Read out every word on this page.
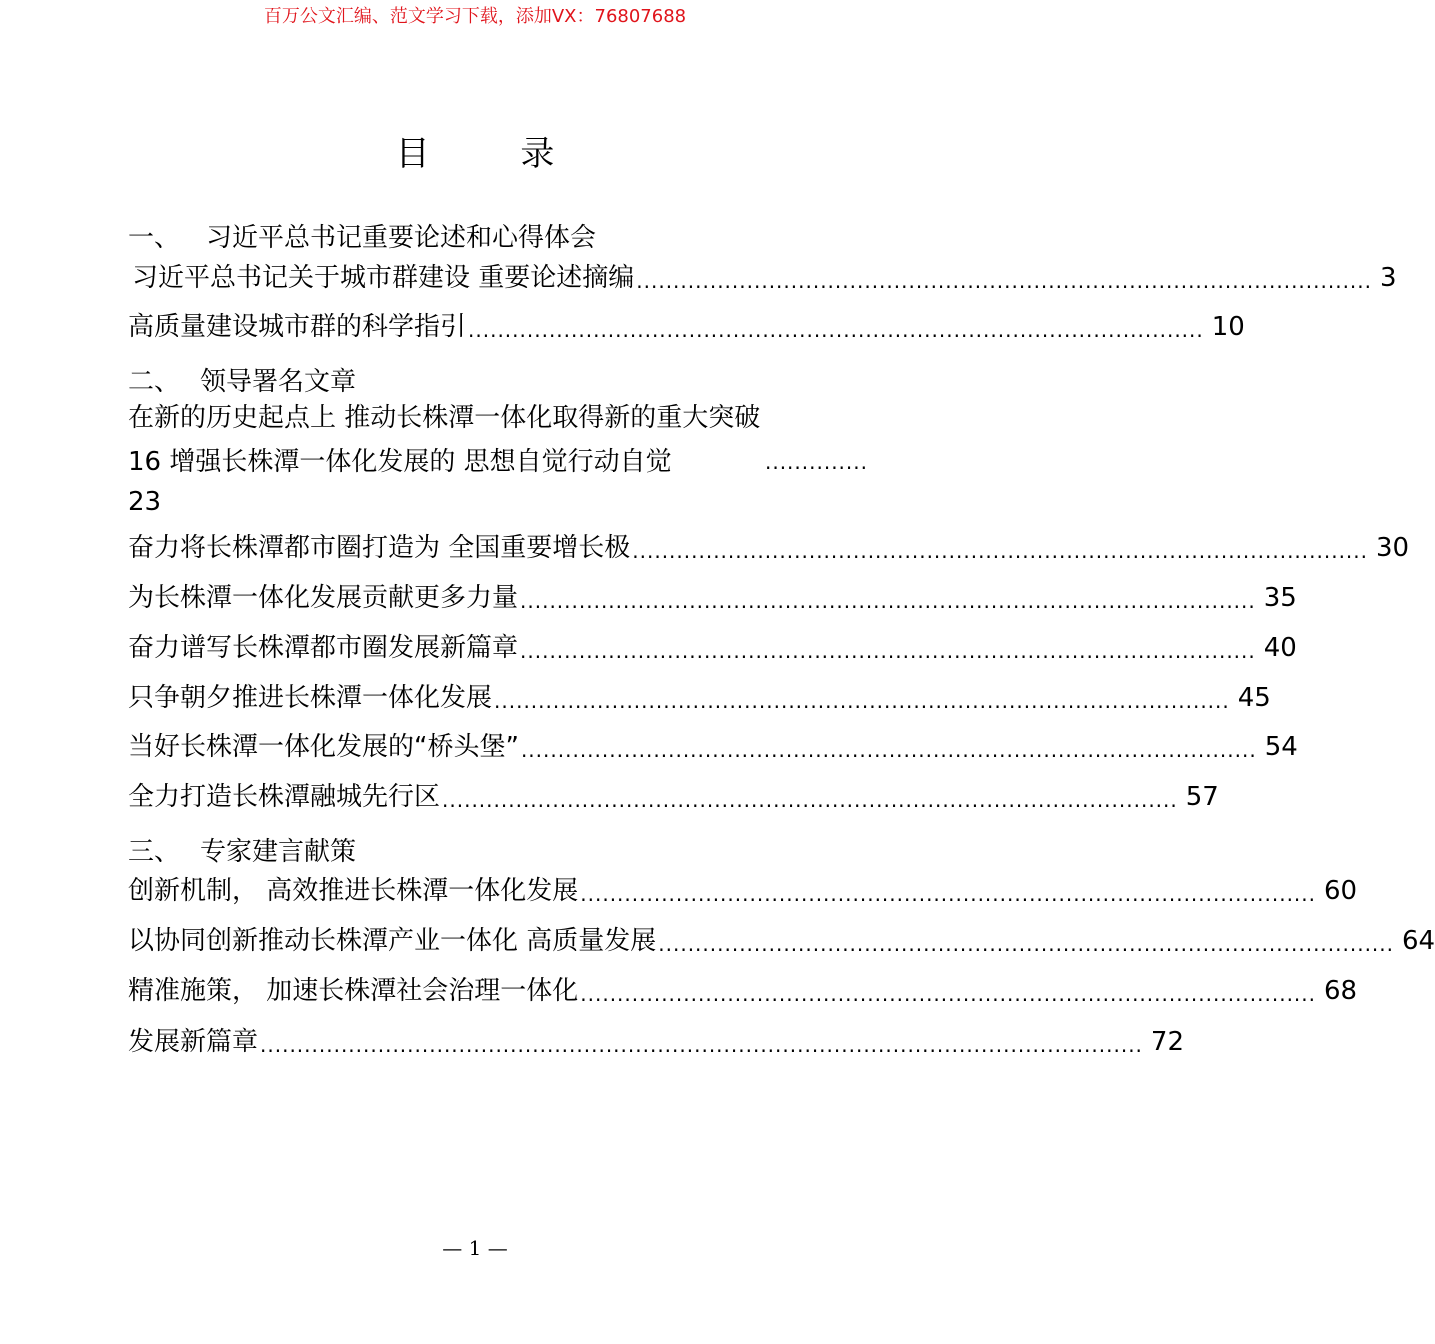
百万公文汇编、范文学习下载，添加VX：76807688
目 录
一、 习近平总书记重要论述和心得体会
习近平总书记关于城市群建设 重要论述摘编 .................................................................................................... 3
高质量建设城市群的科学指引 .................................................................................................... 10
二、 领导署名文章
在新的历史起点上 推动长株潭一体化取得新的重大突破
16 增强长株潭一体化发展的 思想自觉行动自觉	..............
23
奋力将长株潭都市圈打造为 全国重要增长极 .................................................................................................... 30
为长株潭一体化发展贡献更多力量 .................................................................................................... 35
奋力谱写长株潭都市圈发展新篇章 .................................................................................................... 40
只争朝夕推进长株潭一体化发展 .................................................................................................... 45
当好长株潭一体化发展的“桥头堡” .................................................................................................... 54
全力打造长株潭融城先行区 .................................................................................................... 57
三、 专家建言献策
创新机制， 高效推进长株潭一体化发展 .................................................................................................... 60
以协同创新推动长株潭产业一体化 高质量发展 .................................................................................................... 64
精准施策， 加速长株潭社会治理一体化 .................................................................................................... 68
发展新篇章 ........................................................................................................................ 72
— 1 —
